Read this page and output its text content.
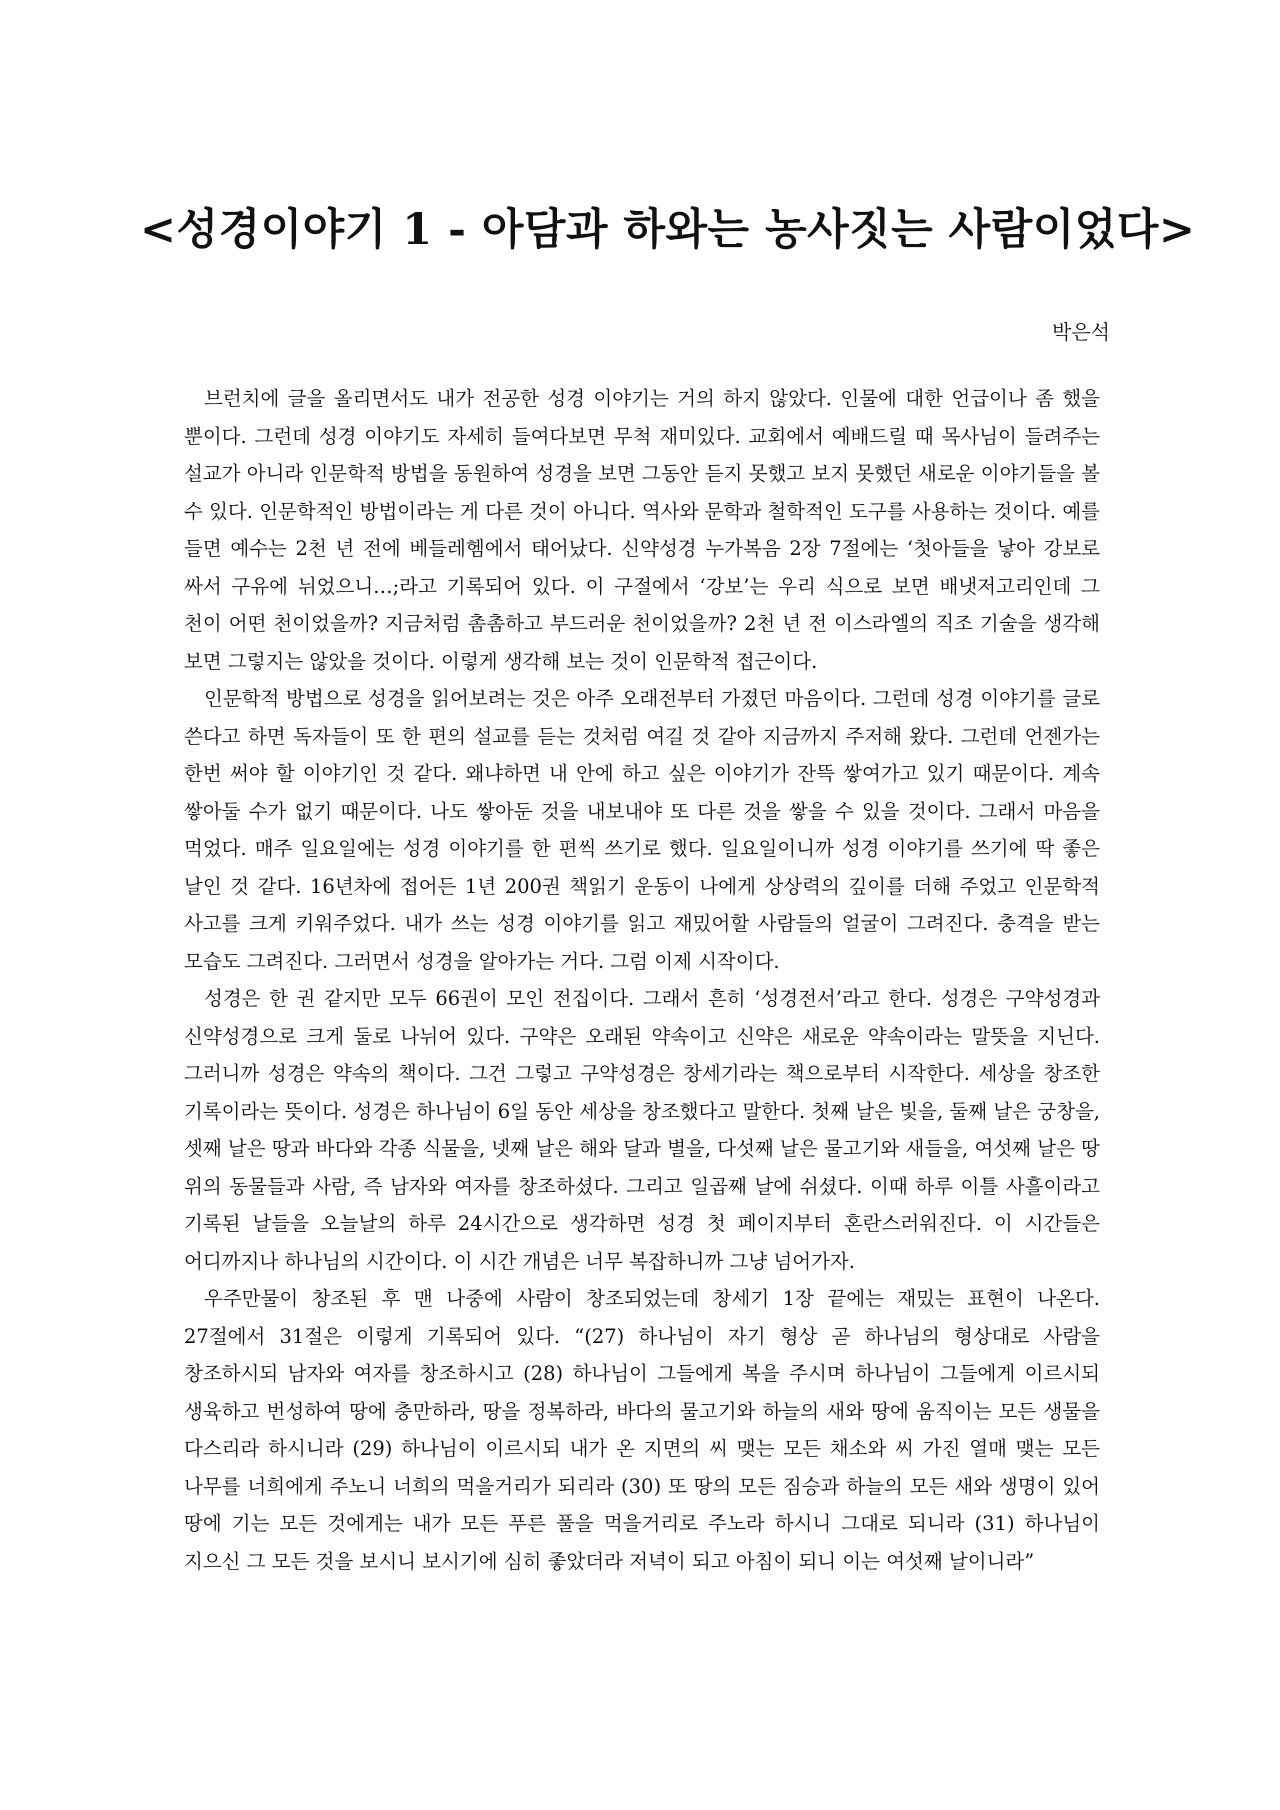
<성경이야기 1 - 아담과 하와는 농사짓는 사람이었다>

박은석

브런치에 글을 올리면서도 내가 전공한 성경 이야기는 거의 하지 않았다. 인물에 대한 언급이나 좀 했을 뿐이다. 그런데 성경 이야기도 자세히 들여다보면 무척 재미있다. 교회에서 예배드릴 때 목사님이 들려주는 설교가 아니라 인문학적 방법을 동원하여 성경을 보면 그동안 듣지 못했고 보지 못했던 새로운 이야기들을 볼 수 있다. 인문학적인 방법이라는 게 다른 것이 아니다. 역사와 문학과 철학적인 도구를 사용하는 것이다. 예를 들면 예수는 2천 년 전에 베들레헴에서 태어났다. 신약성경 누가복음 2장 7절에는 ‘첫아들을 낳아 강보로 싸서 구유에 뉘었으니…;라고 기록되어 있다. 이 구절에서 ‘강보’는 우리 식으로 보면 배냇저고리인데 그 천이 어떤 천이었을까? 지금처럼 촘촘하고 부드러운 천이었을까? 2천 년 전 이스라엘의 직조 기술을 생각해 보면 그렇지는 않았을 것이다. 이렇게 생각해 보는 것이 인문학적 접근이다.

인문학적 방법으로 성경을 읽어보려는 것은 아주 오래전부터 가졌던 마음이다. 그런데 성경 이야기를 글로 쓴다고 하면 독자들이 또 한 편의 설교를 듣는 것처럼 여길 것 같아 지금까지 주저해 왔다. 그런데 언젠가는 한번 써야 할 이야기인 것 같다. 왜냐하면 내 안에 하고 싶은 이야기가 잔뜩 쌓여가고 있기 때문이다. 계속 쌓아둘 수가 없기 때문이다. 나도 쌓아둔 것을 내보내야 또 다른 것을 쌓을 수 있을 것이다. 그래서 마음을 먹었다. 매주 일요일에는 성경 이야기를 한 편씩 쓰기로 했다. 일요일이니까 성경 이야기를 쓰기에 딱 좋은 날인 것 같다. 16년차에 접어든 1년 200권 책읽기 운동이 나에게 상상력의 깊이를 더해 주었고 인문학적 사고를 크게 키워주었다. 내가 쓰는 성경 이야기를 읽고 재밌어할 사람들의 얼굴이 그려진다. 충격을 받는 모습도 그려진다. 그러면서 성경을 알아가는 거다. 그럼 이제 시작이다.

성경은 한 권 같지만 모두 66권이 모인 전집이다. 그래서 흔히 ‘성경전서’라고 한다. 성경은 구약성경과 신약성경으로 크게 둘로 나뉘어 있다. 구약은 오래된 약속이고 신약은 새로운 약속이라는 말뜻을 지닌다. 그러니까 성경은 약속의 책이다. 그건 그렇고 구약성경은 창세기라는 책으로부터 시작한다. 세상을 창조한 기록이라는 뜻이다. 성경은 하나님이 6일 동안 세상을 창조했다고 말한다. 첫째 날은 빛을, 둘째 날은 궁창을, 셋째 날은 땅과 바다와 각종 식물을, 넷째 날은 해와 달과 별을, 다섯째 날은 물고기와 새들을, 여섯째 날은 땅 위의 동물들과 사람, 즉 남자와 여자를 창조하셨다. 그리고 일곱째 날에 쉬셨다. 이때 하루 이틀 사흘이라고 기록된 날들을 오늘날의 하루 24시간으로 생각하면 성경 첫 페이지부터 혼란스러워진다. 이 시간들은 어디까지나 하나님의 시간이다. 이 시간 개념은 너무 복잡하니까 그냥 넘어가자.

우주만물이 창조된 후 맨 나중에 사람이 창조되었는데 창세기 1장 끝에는 재밌는 표현이 나온다. 27절에서 31절은 이렇게 기록되어 있다. “(27) 하나님이 자기 형상 곧 하나님의 형상대로 사람을 창조하시되 남자와 여자를 창조하시고 (28) 하나님이 그들에게 복을 주시며 하나님이 그들에게 이르시되 생육하고 번성하여 땅에 충만하라, 땅을 정복하라, 바다의 물고기와 하늘의 새와 땅에 움직이는 모든 생물을 다스리라 하시니라 (29) 하나님이 이르시되 내가 온 지면의 씨 맺는 모든 채소와 씨 가진 열매 맺는 모든 나무를 너희에게 주노니 너희의 먹을거리가 되리라 (30) 또 땅의 모든 짐승과 하늘의 모든 새와 생명이 있어 땅에 기는 모든 것에게는 내가 모든 푸른 풀을 먹을거리로 주노라 하시니 그대로 되니라 (31) 하나님이 지으신 그 모든 것을 보시니 보시기에 심히 좋았더라 저녁이 되고 아침이 되니 이는 여섯째 날이니라”
